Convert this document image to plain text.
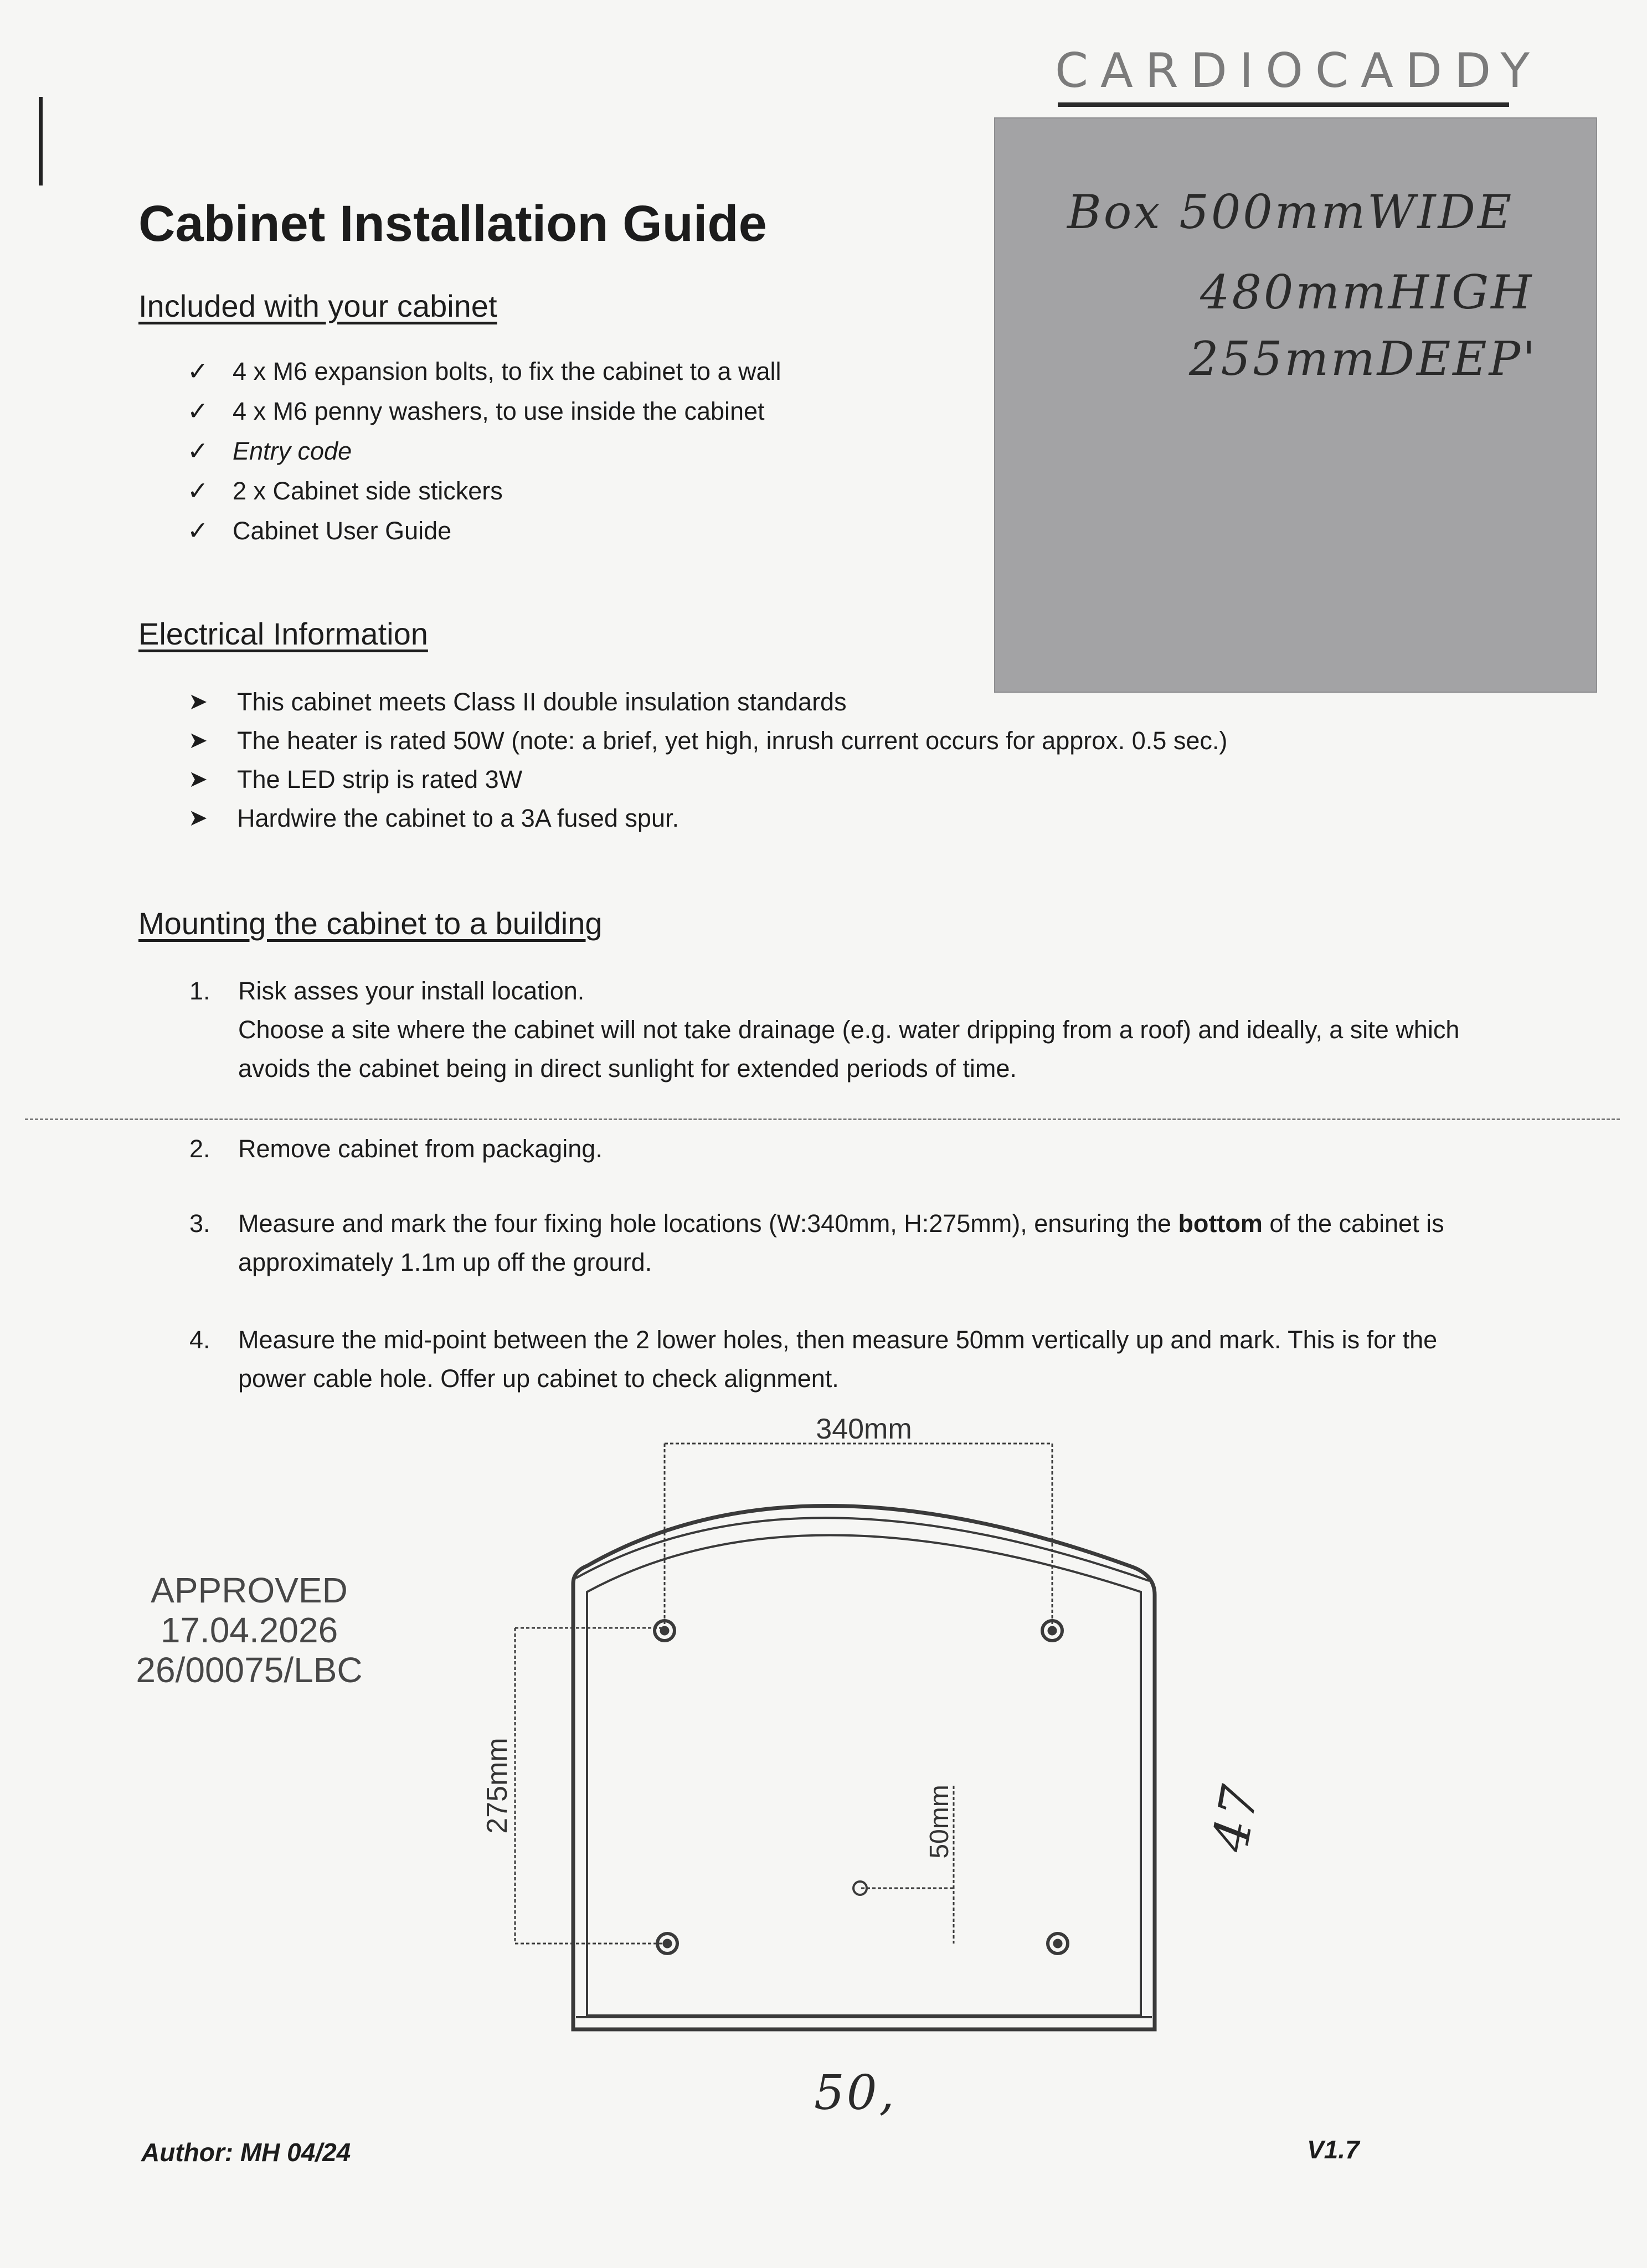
CARDIOCADDY
Box 500mmWIDE
480mmHIGH
255mmDEEP'
Cabinet Installation Guide
Included with your cabinet
✓ 4 x M6 expansion bolts, to fix the cabinet to a wall
✓ 4 x M6 penny washers, to use inside the cabinet
✓ Entry code
✓ 2 x Cabinet side stickers
✓ Cabinet User Guide
Electrical Information
➤ This cabinet meets Class II double insulation standards
➤ The heater is rated 50W (note: a brief, yet high, inrush current occurs for approx. 0.5 sec.)
➤ The LED strip is rated 3W
➤ Hardwire the cabinet to a 3A fused spur.
Mounting the cabinet to a building
1. Risk asses your install location.
Choose a site where the cabinet will not take drainage (e.g. water dripping from a roof) and ideally, a site which avoids the cabinet being in direct sunlight for extended periods of time.
2. Remove cabinet from packaging.
3. Measure and mark the four fixing hole locations (W:340mm, H:275mm), ensuring the bottom of the cabinet is approximately 1.1m up off the grourd.
4. Measure the mid-point between the 2 lower holes, then measure 50mm vertically up and mark. This is for the power cable hole. Offer up cabinet to check alignment.
340mm
275mm	50mm
APPROVED
17.04.2026
26/00075/LBC
47
50,
Author: MH 04/24	V1.7
